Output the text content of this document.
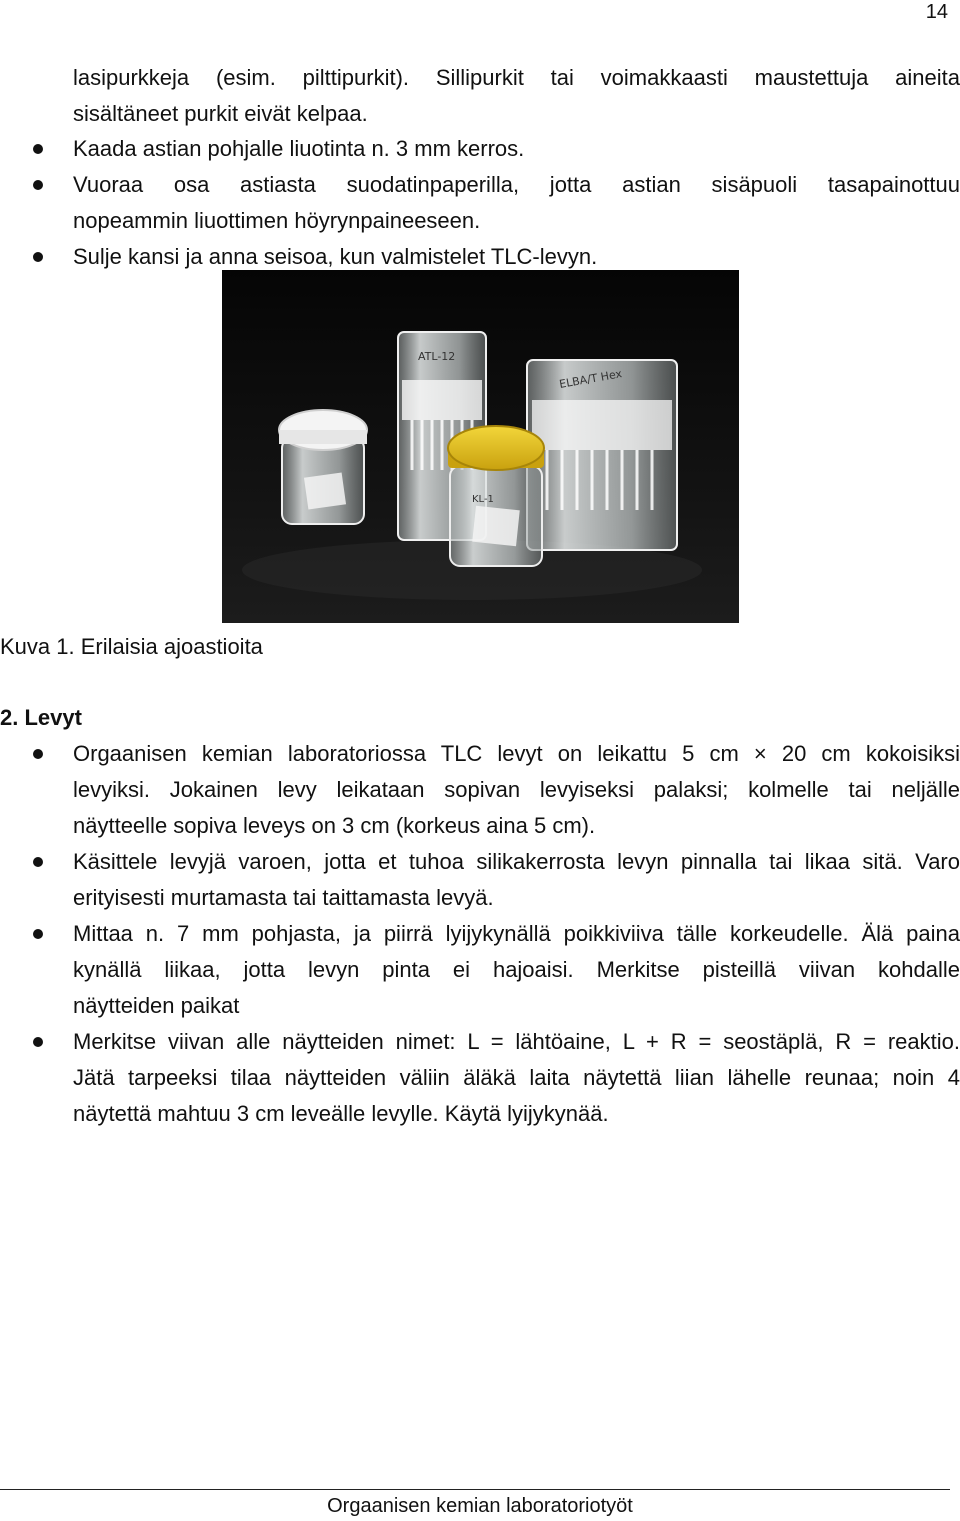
14
lasipurkkeja (esim. pilttipurkit). Sillipurkit tai voimakkaasti maustettuja aineita
sisältäneet purkit eivät kelpaa.
Kaada astian pohjalle liuotinta n. 3 mm kerros.
Vuoraa osa astiasta suodatinpaperilla, jotta astian sisäpuoli tasapainottuu
nopeammin liuottimen höyrynpaineeseen.
Sulje kansi ja anna seisoa, kun valmistelet TLC-levyn.
ATL-12
ELBA/T Hex
KL-1
Kuva 1. Erilaisia ajoastioita
2. Levyt
Orgaanisen kemian laboratoriossa TLC levyt on leikattu 5 cm × 20 cm kokoisiksi
levyiksi. Jokainen levy leikataan sopivan levyiseksi palaksi; kolmelle tai neljälle
näytteelle sopiva leveys on 3 cm (korkeus aina 5 cm).
Käsittele levyjä varoen, jotta et tuhoa silikakerrosta levyn pinnalla tai likaa sitä. Varo
erityisesti murtamasta tai taittamasta levyä.
Mittaa n. 7 mm pohjasta, ja piirrä lyijykynällä poikkiviiva tälle korkeudelle. Älä paina
kynällä liikaa, jotta levyn pinta ei hajoaisi. Merkitse pisteillä viivan kohdalle
näytteiden paikat
Merkitse viivan alle näytteiden nimet: L = lähtöaine, L + R = seostäplä, R = reaktio.
Jätä tarpeeksi tilaa näytteiden väliin äläkä laita näytettä liian lähelle reunaa; noin 4
näytettä mahtuu 3 cm leveälle levylle. Käytä lyijykynää.
Orgaanisen kemian laboratoriotyöt
